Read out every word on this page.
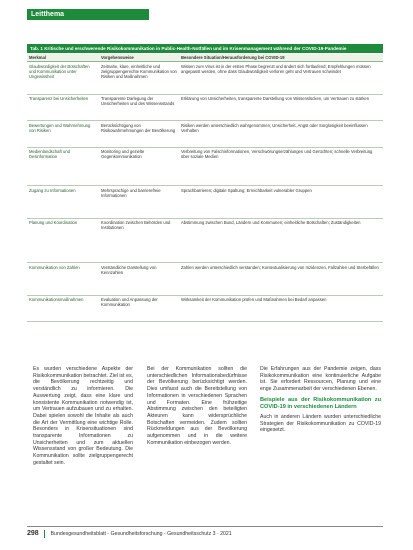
Leitthema
Tab. 1 Kritische und erschwerende Risikokommunikation in Public-Health-Notfällen und im Krisenmanagement während der COVID-19-Pandemie
Merkmal	Vorgehensweise	Besondere Situation/Herausforderung bei COVID-19
Glaubwürdigkeit der Botschaften und Kommunikation unter Ungewissheit	Zeitnahe, klare, einheitliche und zielgruppengerechte Kommunikation von Risiken und Maßnahmen	Wissen zum Virus ist in der ersten Phase begrenzt und ändert sich fortlaufend; Empfehlungen müssen angepasst werden, ohne dass Glaubwürdigkeit verloren geht und Vertrauen schwindet
Transparenz bei Unsicherheiten	Transparente Darlegung der Unsicherheiten und des Wissensstands	Erklärung von Unsicherheiten, transparente Darstellung von Wissenslücken, um Vertrauen zu stärken
Bewertungen und Wahrnehmung von Risiken	Berücksichtigung von Risikowahrnehmungen der Bevölkerung	Risiken werden unterschiedlich wahrgenommen; Unsicherheit, Angst oder Sorglosigkeit beeinflussen Verhalten
Medienlandschaft und Desinformation	Monitoring und gezielte Gegenkommunikation	Verbreitung von Falschinformationen, Verschwörungserzählungen und Gerüchten; schnelle Verbreitung über soziale Medien
Zugang zu Informationen	Mehrsprachige und barrierefreie Informationen	Sprachbarrieren; digitale Spaltung; Erreichbarkeit vulnerabler Gruppen
Planung und Koordination	Koordination zwischen Behörden und Institutionen	Abstimmung zwischen Bund, Ländern und Kommunen; einheitliche Botschaften; Zuständigkeiten
Kommunikation von Zahlen	Verständliche Darstellung von Kennzahlen	Zahlen werden unterschiedlich verstanden; Kontextualisierung von Inzidenzen, Fallzahlen und Sterbefällen
Kommunikationsmaßnahmen	Evaluation und Anpassung der Kommunikation	Wirksamkeit der Kommunikation prüfen und Maßnahmen bei Bedarf anpassen
Es wurden verschiedene Aspekte der Risikokommunikation betrachtet. Ziel ist es, die Bevölkerung rechtzeitig und verständlich zu informieren. Die Auswertung zeigt, dass eine klare und konsistente Kommunikation notwendig ist, um Vertrauen aufzubauen und zu erhalten. Dabei spielen sowohl die Inhalte als auch die Art der Vermittlung eine wichtige Rolle. Besonders in Krisensituationen sind transparente Informationen zu Unsicherheiten und zum aktuellen Wissensstand von großer Bedeutung. Die Kommunikation sollte zielgruppengerecht gestaltet sein.
Bei der Kommunikation sollten die unterschiedlichen Informationsbedürfnisse der Bevölkerung berücksichtigt werden. Dies umfasst auch die Bereitstellung von Informationen in verschiedenen Sprachen und Formaten. Eine frühzeitige Abstimmung zwischen den beteiligten Akteuren kann widersprüchliche Botschaften vermeiden. Zudem sollten Rückmeldungen aus der Bevölkerung aufgenommen und in die weitere Kommunikation einbezogen werden.

Die Erfahrungen aus der Pandemie zeigen, dass Risikokommunikation eine kontinuierliche Aufgabe ist. Sie erfordert Ressourcen, Planung und eine enge Zusammenarbeit der verschiedenen Ebenen.

Beispiele aus der Risikokommunikation zu COVID-19 in verschiedenen Ländern

Auch in anderen Ländern wurden unterschiedliche Strategien der Risikokommunikation zu COVID-19 eingesetzt.

298 Bundesgesundheitsblatt - Gesundheitsforschung - Gesundheitsschutz 3 · 2021
